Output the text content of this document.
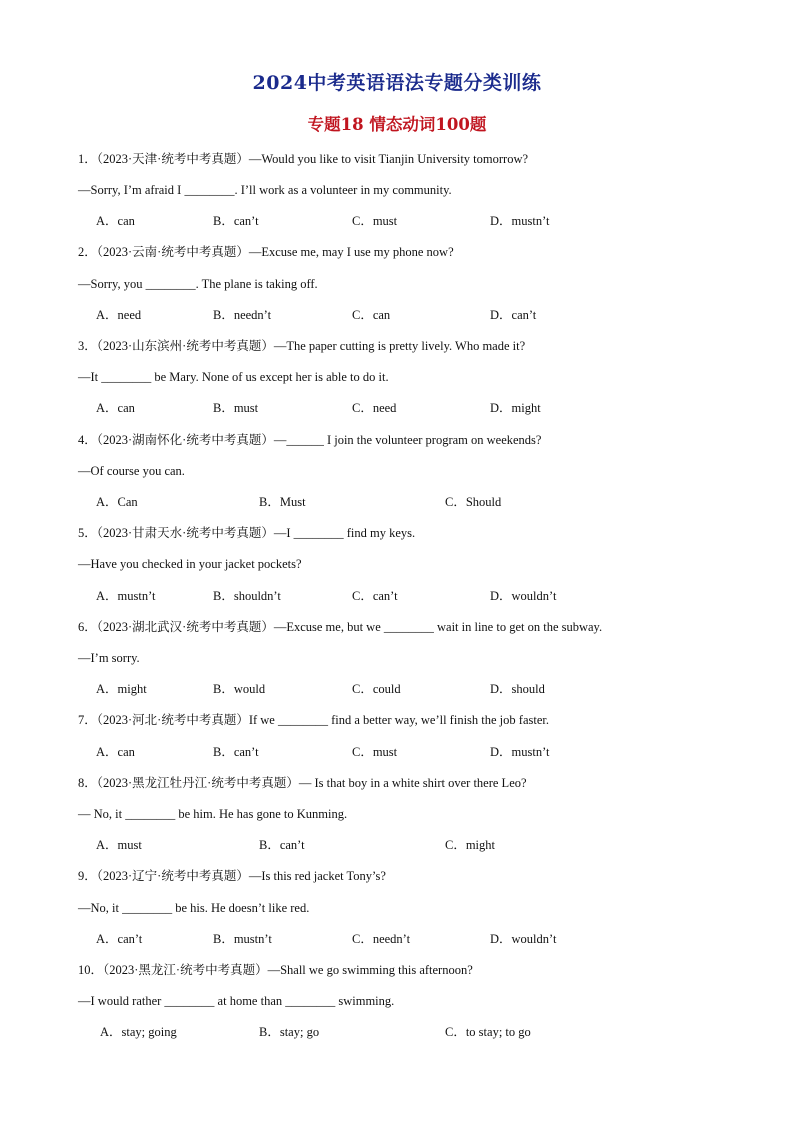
2024中考英语语法专题分类训练
专题18 情态动词100题
1．（2023·天津·统考中考真题）—Would you like to visit Tianjin University tomorrow?
—Sorry, I’m afraid I ________. I’ll work as a volunteer in my community.
A．can	B．can’t	C．must	D．mustn’t
2．（2023·云南·统考中考真题）—Excuse me, may I use my phone now?
—Sorry, you ________. The plane is taking off.
A．need	B．needn’t	C．can	D．can’t
3．（2023·山东滨州·统考中考真题）—The paper cutting is pretty lively. Who made it?
—It ________ be Mary. None of us except her is able to do it.
A．can	B．must	C．need	D．might
4．（2023·湖南怀化·统考中考真题）—______ I join the volunteer program on weekends?
—Of course you can.
A．Can	B．Must	C．Should
5．（2023·甘肃天水·统考中考真题）—I ________ find my keys.
—Have you checked in your jacket pockets?
A．mustn’t	B．shouldn’t	C．can’t	D．wouldn’t
6．（2023·湖北武汉·统考中考真题）—Excuse me, but we ________ wait in line to get on the subway.
—I’m sorry.
A．might	B．would	C．could	D．should
7．（2023·河北·统考中考真题）If we ________ find a better way, we’ll finish the job faster.
A．can	B．can’t	C．must	D．mustn’t
8．（2023·黑龙江牡丹江·统考中考真题）— Is that boy in a white shirt over there Leo?
— No, it ________ be him. He has gone to Kunming.
A．must	B．can’t	C．might
9．（2023·辽宁·统考中考真题）—Is this red jacket Tony’s?
—No, it ________ be his. He doesn’t like red.
A．can’t	B．mustn’t	C．needn’t	D．wouldn’t
10．（2023·黑龙江·统考中考真题）—Shall we go swimming this afternoon?
—I would rather ________ at home than ________ swimming.
A．stay; going	B．stay; go	C．to stay; to go
